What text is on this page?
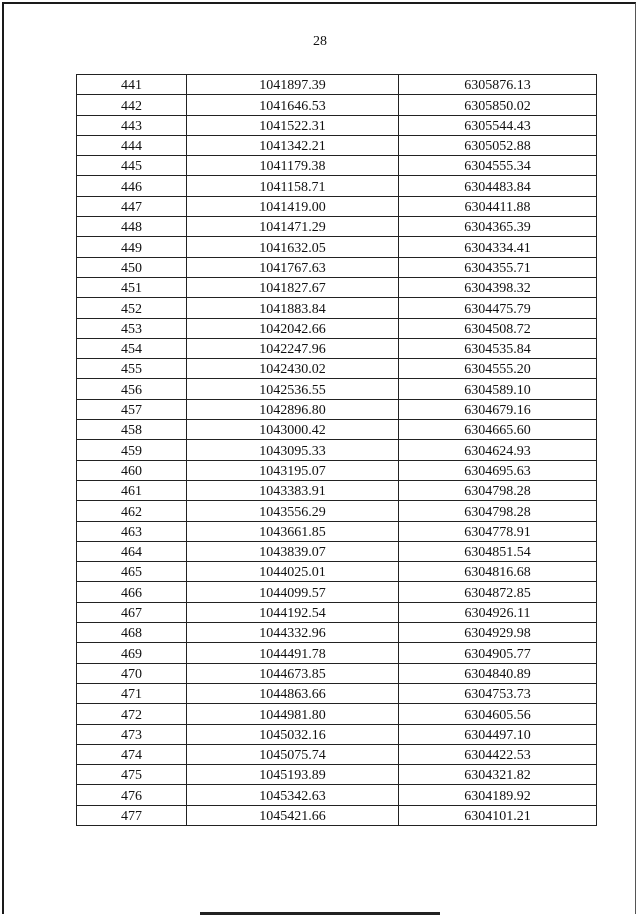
28
441	1041897.39	6305876.13
442	1041646.53	6305850.02
443	1041522.31	6305544.43
444	1041342.21	6305052.88
445	1041179.38	6304555.34
446	1041158.71	6304483.84
447	1041419.00	6304411.88
448	1041471.29	6304365.39
449	1041632.05	6304334.41
450	1041767.63	6304355.71
451	1041827.67	6304398.32
452	1041883.84	6304475.79
453	1042042.66	6304508.72
454	1042247.96	6304535.84
455	1042430.02	6304555.20
456	1042536.55	6304589.10
457	1042896.80	6304679.16
458	1043000.42	6304665.60
459	1043095.33	6304624.93
460	1043195.07	6304695.63
461	1043383.91	6304798.28
462	1043556.29	6304798.28
463	1043661.85	6304778.91
464	1043839.07	6304851.54
465	1044025.01	6304816.68
466	1044099.57	6304872.85
467	1044192.54	6304926.11
468	1044332.96	6304929.98
469	1044491.78	6304905.77
470	1044673.85	6304840.89
471	1044863.66	6304753.73
472	1044981.80	6304605.56
473	1045032.16	6304497.10
474	1045075.74	6304422.53
475	1045193.89	6304321.82
476	1045342.63	6304189.92
477	1045421.66	6304101.21
